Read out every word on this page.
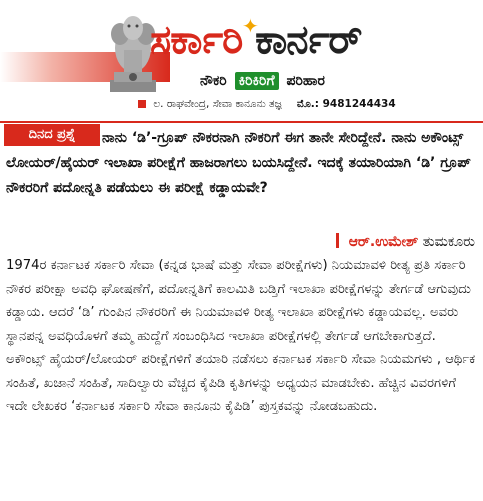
✦
ಸರ್ಕಾರಿ ಕಾರ್ನರ್
ನೌಕರಿ ಕಿರಿಕಿರಿಗೆ ಪರಿಹಾರ
ಲ. ರಾಘವೇಂದ್ರ, ಸೇವಾ ಕಾನೂನು ತಜ್ಞ ಮೊ.: 9481244434
ದಿನದ ಪ್ರಶ್ನೆ	ನಾನು ‘ಡಿ’-ಗ್ರೂಪ್ ನೌಕರನಾಗಿ ನೌಕರಿಗೆ ಈಗ ತಾನೇ ಸೇರಿದ್ದೇನೆ. ನಾನು ಅಕೌಂಟ್ಸ್ ಲೋಯರ್/ಹೈಯರ್ ಇಲಾಖಾ ಪರೀಕ್ಷೆಗೆ ಹಾಜರಾಗಲು ಬಯಸಿದ್ದೇನೆ. ಇದಕ್ಕೆ ತಯಾರಿಯಾಗಿ ‘ಡಿ’ ಗ್ರೂಪ್ ನೌಕರರಿಗೆ ಪದೋನ್ನತಿ ಪಡೆಯಲು ಈ ಪರೀಕ್ಷೆ ಕಡ್ಡಾಯವೇ?
ಆರ್.ಉಮೇಶ್ ತುಮಕೂರು

1974ರ ಕರ್ನಾಟಕ ಸರ್ಕಾರಿ ಸೇವಾ (ಕನ್ನಡ ಭಾಷೆ ಮತ್ತು ಸೇವಾ ಪರೀಕ್ಷೆಗಳು) ನಿಯಮಾವಳಿ ರೀತ್ಯ ಪ್ರತಿ ಸರ್ಕಾರಿ ನೌಕರ ಪರೀಕ್ಷಾ ಅವಧಿ ಘೋಷಣೆಗೆ, ಪದೋನ್ನತಿಗೆ ಕಾಲಮಿತಿ ಬಡ್ತಿಗೆ ಇಲಾಖಾ ಪರೀಕ್ಷೆಗಳನ್ನು ತೇರ್ಗಡೆ ಆಗುವುದು ಕಡ್ಡಾಯ. ಆದರೆ ‘ಡಿ’ ಗುಂಪಿನ ನೌಕರರಿಗೆ ಈ ನಿಯಮಾವಳಿ ರೀತ್ಯ ಇಲಾಖಾ ಪರೀಕ್ಷೆಗಳು ಕಡ್ಡಾಯವಲ್ಲ. ಅವರು ಸ್ಥಾನಪನ್ನ ಅವಧಿಯೊಳಗೆ ತಮ್ಮ ಹುದ್ದೆಗೆ ಸಂಬಂಧಿಸಿದ ಇಲಾಖಾ ಪರೀಕ್ಷೆಗಳಲ್ಲಿ ತೇರ್ಗಡೆ ಆಗಬೇಕಾಗುತ್ತದೆ. ಅಕೌಂಟ್ಸ್ ಹೈಯರ್/ಲೋಯರ್ ಪರೀಕ್ಷೆಗಳಿಗೆ ತಯಾರಿ ನಡೆಸಲು ಕರ್ನಾಟಕ ಸರ್ಕಾರಿ ಸೇವಾ ನಿಯಮಗಳು , ಆರ್ಥಿಕ ಸಂಹಿತೆ, ಖಜಾನೆ ಸಂಹಿತೆ, ಸಾದಿಲ್ವಾರು ವೆಚ್ಚದ ಕೈಪಿಡಿ ಕೃತಿಗಳನ್ನು ಅಧ್ಯಯನ ಮಾಡಬೇಕು. ಹೆಚ್ಚಿನ ವಿವರಗಳಿಗೆ ಇದೇ ಲೇಖಕರ ‘ಕರ್ನಾಟಕ ಸರ್ಕಾರಿ ಸೇವಾ ಕಾನೂನು ಕೈಪಿಡಿ’ ಪುಸ್ತಕವನ್ನು ನೋಡಬಹುದು.
